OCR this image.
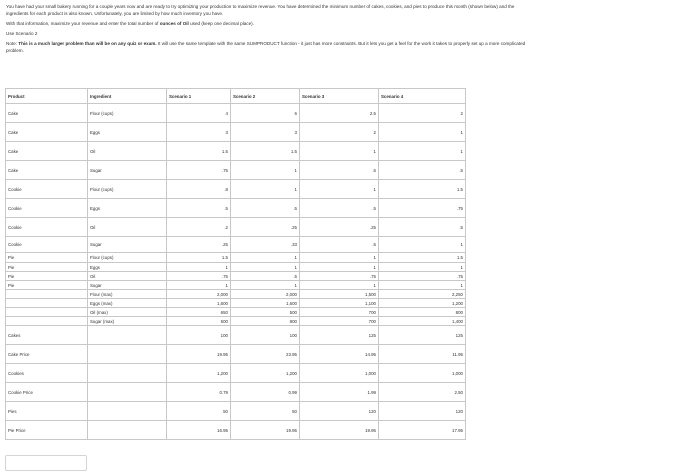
You have had your small bakery running for a couple years now and are ready to try optimizing your production to maximize revenue. You have determined the minimum number of cakes, cookies, and pies to produce this month (shown below) and the
ingredients for each product is also known. Unfortunately, you are limited by how much inventory you have.

With that information, maximize your revenue and enter the total number of ounces of Oil used (keep one decimal place).

Use Scenario 2

Note: This is a much larger problem than will be on any quiz or exam. It will use the same template with the same SUMPRODUCT function - it just has more constraints. But it lets you get a feel for the work it takes to properly set up a more complicated
problem.

Product	Ingredient	Scenario 1	Scenario 2	Scenario 3	Scenario 4
Cake	Flour (cups)	4	6	2.5	2
Cake	Eggs	3	3	2	1
Cake	Oil	1.5	1.5	1	1
Cake	Sugar	.75	1	.5	.5
Cookie	Flour (cups)	.8	1	1	1.5
Cookie	Eggs	.5	.5	.5	.75
Cookie	Oil	.2	.25	.25	.5
Cookie	Sugar	.25	.33	.5	1
Pie	Flour (cups)	1.5	1	1	1.5
Pie	Eggs	1	1	1	1
Pie	Oil	.75	.5	.75	.75
Pie	Sugar	1	1	1	1
	Flour (max)	2,000	2,000	1,500	2,250
	Eggs (max)	1,600	1,600	1,100	1,200
	Oil (max)	650	500	700	800
	Sugar (max)	500	800	700	1,400
Cakes		100	100	125	125
Cake Price		19.95	23.95	14.95	11.95
Cookies		1,200	1,200	1,000	1,000
Cookie Price		0.79	0.99	1.99	2.50
Pies		50	50	120	120
Pie Price		16.95	19.95	19.95	17.95
